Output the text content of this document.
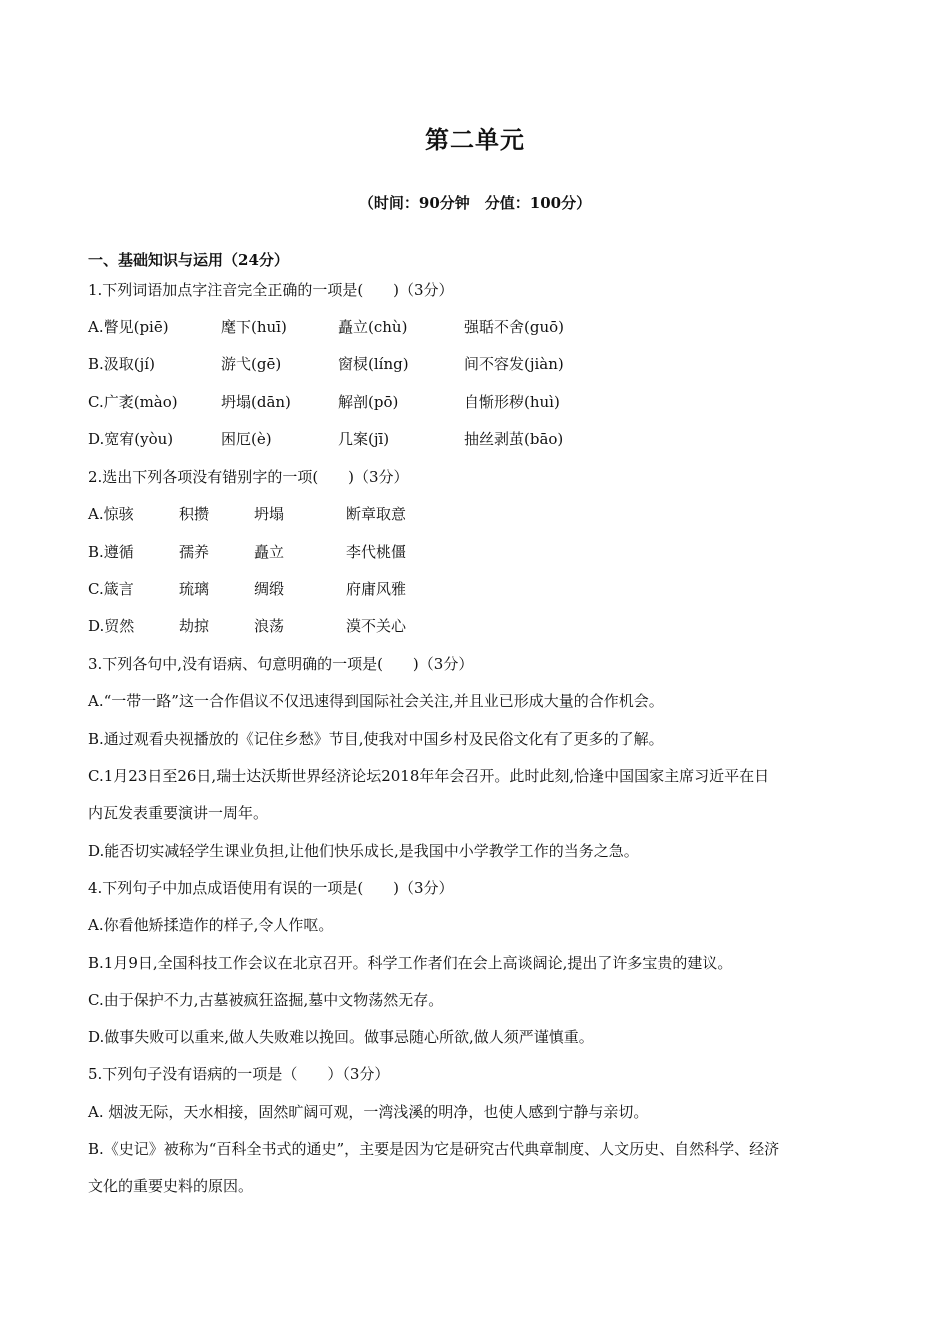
第二单元
（时间：90分钟　分值：100分）
一、基础知识与运用（24分）
1.下列词语加点字注音完全正确的一项是(　　)（3分）
A.瞥见(piē)	麾下(huī)	矗立(chù)	强聒不舍(guō)
B.汲取(jí)	游弋(gē)	窗棂(líng)	间不容发(jiàn)
C.广袤(mào)	坍塌(dān)	解剖(pō)	自惭形秽(huì)
D.宽宥(yòu)	困厄(è)	几案(jī)	抽丝剥茧(bāo)
2.选出下列各项没有错别字的一项(　　)（3分）
A.惊骇	积攒	坍塌	断章取意
B.遵循	孺养	矗立	李代桃僵
C.箴言	琉璃	绸缎	府庸风雅
D.贸然	劫掠	浪荡	漠不关心
3.下列各句中,没有语病、句意明确的一项是(　　)（3分）
A.“一带一路”这一合作倡议不仅迅速得到国际社会关注,并且业已形成大量的合作机会。
B.通过观看央视播放的《记住乡愁》节目,使我对中国乡村及民俗文化有了更多的了解。
C.1月23日至26日,瑞士达沃斯世界经济论坛2018年年会召开。此时此刻,恰逢中国国家主席习近平在日
内瓦发表重要演讲一周年。
D.能否切实减轻学生课业负担,让他们快乐成长,是我国中小学教学工作的当务之急。
4.下列句子中加点成语使用有误的一项是(　　)（3分）
A.你看他矫揉造作的样子,令人作呕。
B.1月9日,全国科技工作会议在北京召开。科学工作者们在会上高谈阔论,提出了许多宝贵的建议。
C.由于保护不力,古墓被疯狂盗掘,墓中文物荡然无存。
D.做事失败可以重来,做人失败难以挽回。做事忌随心所欲,做人须严谨慎重。
5.下列句子没有语病的一项是（　　）（3分）
A. 烟波无际，天水相接，固然旷阔可观，一湾浅溪的明净，也使人感到宁静与亲切。
B.《史记》被称为“百科全书式的通史”，主要是因为它是研究古代典章制度、人文历史、自然科学、经济
文化的重要史料的原因。
